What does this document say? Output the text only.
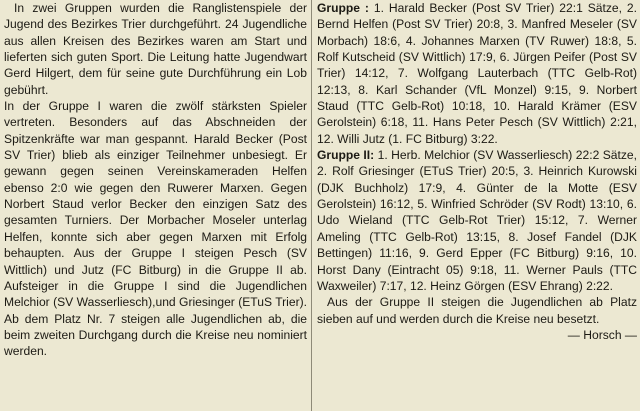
In zwei Gruppen wurden die Ranglistenspiele der Jugend des Bezirkes Trier durchgeführt. 24 Jugendliche aus allen Kreisen des Bezirkes waren am Start und lieferten sich guten Sport. Die Leitung hatte Jugendwart Gerd Hilgert, dem für seine gute Durchführung ein Lob gebührt.

In der Gruppe I waren die zwölf stärksten Spieler vertreten. Besonders auf das Abschneiden der Spitzenkräfte war man gespannt. Harald Becker (Post SV Trier) blieb als einziger Teilnehmer unbesiegt. Er gewann gegen seinen Vereinskameraden Helfen ebenso 2:0 wie gegen den Ruwerer Marxen. Gegen Norbert Staud verlor Becker den einzigen Satz des gesamten Turniers. Der Morbacher Moseler unterlag Helfen, konnte sich aber gegen Marxen mit Erfolg behaupten. Aus der Gruppe I steigen Pesch (SV Wittlich) und Jutz (FC Bitburg) in die Gruppe II ab. Aufsteiger in die Gruppe I sind die Jugendlichen Melchior (SV Wasserliesch),und Griesinger (ETuS Trier). Ab dem Platz Nr. 7 steigen alle Jugendlichen ab, die beim zweiten Durchgang durch die Kreise neu nominiert werden.

Gruppe : 1. Harald Becker (Post SV Trier) 22:1 Sätze, 2. Bernd Helfen (Post SV Trier) 20:8, 3. Manfred Meseler (SV Morbach) 18:6, 4. Johannes Marxen (TV Ruwer) 18:8, 5. Rolf Kutscheid (SV Wittlich) 17:9, 6. Jürgen Peifer (Post SV Trier) 14:12, 7. Wolfgang Lauterbach (TTC Gelb-Rot) 12:13, 8. Karl Schander (VfL Monzel) 9:15, 9. Norbert Staud (TTC Gelb-Rot) 10:18, 10. Harald Krämer (ESV Gerolstein) 6:18, 11. Hans Peter Pesch (SV Wittlich) 2:21, 12. Willi Jutz (1. FC Bitburg) 3:22.

Gruppe II: 1. Herb. Melchior (SV Wasserliesch) 22:2 Sätze, 2. Rolf Griesinger (ETuS Trier) 20:5, 3. Heinrich Kurowski (DJK Buchholz) 17:9, 4. Günter de la Motte (ESV Gerolstein) 16:12, 5. Winfried Schröder (SV Rodt) 13:10, 6. Udo Wieland (TTC Gelb-Rot Trier) 15:12, 7. Werner Ameling (TTC Gelb-Rot) 13:15, 8. Josef Fandel (DJK Bettingen) 11:16, 9. Gerd Epper (FC Bitburg) 9:16, 10. Horst Dany (Eintracht 05) 9:18, 11. Werner Pauls (TTC Waxweiler) 7:17, 12. Heinz Görgen (ESV Ehrang) 2:22.

Aus der Gruppe II steigen die Jugendlichen ab Platz sieben auf und werden durch die Kreise neu besetzt.
— Horsch —
